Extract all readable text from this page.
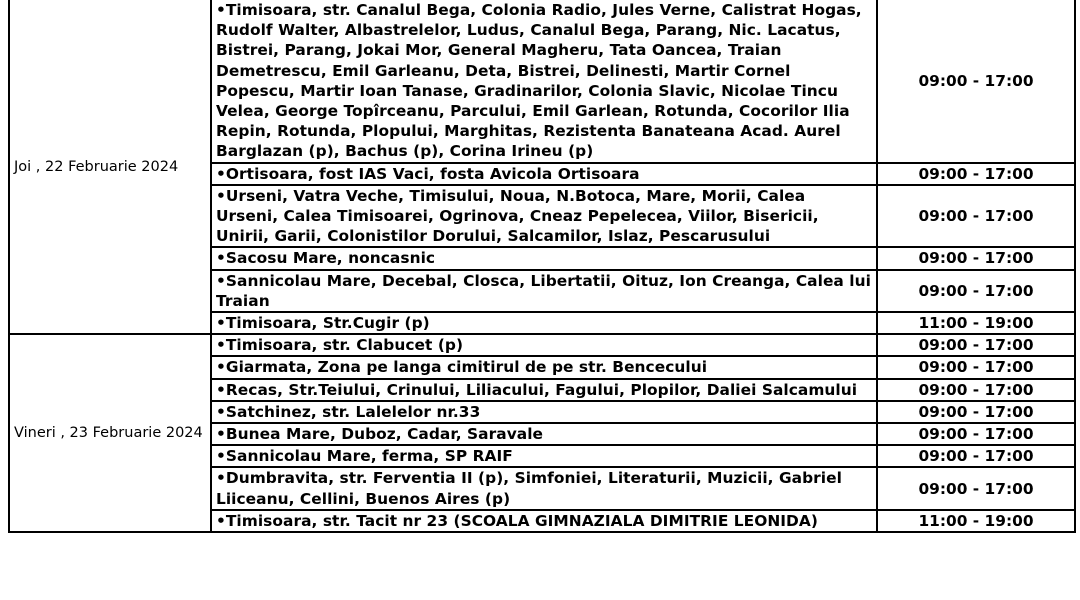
Joi , 22 Februarie 2024	•Timisoara, str. Canalul Bega, Colonia Radio, Jules Verne, Calistrat Hogas, Rudolf Walter, Albastrelelor, Ludus, Canalul Bega, Parang, Nic. Lacatus, Bistrei, Parang, Jokai Mor, General Magheru, Tata Oancea, Traian Demetrescu, Emil Garleanu, Deta, Bistrei, Delinesti, Martir Cornel Popescu, Martir Ioan Tanase, Gradinarilor, Colonia Slavic, Nicolae Tincu Velea, George Topîrceanu, Parcului, Emil Garlean, Rotunda, Cocorilor Ilia Repin, Rotunda, Plopului, Marghitas, Rezistenta Banateana Acad. Aurel Barglazan (p), Bachus (p), Corina Irineu (p)	09:00 - 17:00
	•Ortisoara, fost IAS Vaci, fosta Avicola Ortisoara	09:00 - 17:00
	•Urseni, Vatra Veche, Timisului, Noua, N.Botoca, Mare, Morii, Calea Urseni, Calea Timisoarei, Ogrinova, Cneaz Pepelecea, Viilor, Bisericii, Unirii, Garii, Colonistilor Dorului, Salcamilor, Islaz, Pescarusului	09:00 - 17:00
	•Sacosu Mare, noncasnic	09:00 - 17:00
	•Sannicolau Mare, Decebal, Closca, Libertatii, Oituz, Ion Creanga, Calea lui Traian	09:00 - 17:00
	•Timisoara, Str.Cugir (p)	11:00 - 19:00
Vineri , 23 Februarie 2024	•Timisoara, str. Clabucet (p)	09:00 - 17:00
	•Giarmata, Zona pe langa cimitirul de pe str. Bencecului	09:00 - 17:00
	•Recas, Str.Teiului, Crinului, Liliacului, Fagului, Plopilor, Daliei Salcamului	09:00 - 17:00
	•Satchinez, str. Lalelelor nr.33	09:00 - 17:00
	•Bunea Mare, Duboz, Cadar, Saravale	09:00 - 17:00
	•Sannicolau Mare, ferma, SP RAIF	09:00 - 17:00
	•Dumbravita, str. Ferventia II (p), Simfoniei, Literaturii, Muzicii, Gabriel Liiceanu, Cellini, Buenos Aires (p)	09:00 - 17:00
	•Timisoara, str. Tacit nr 23 (SCOALA GIMNAZIALA DIMITRIE LEONIDA)	11:00 - 19:00
